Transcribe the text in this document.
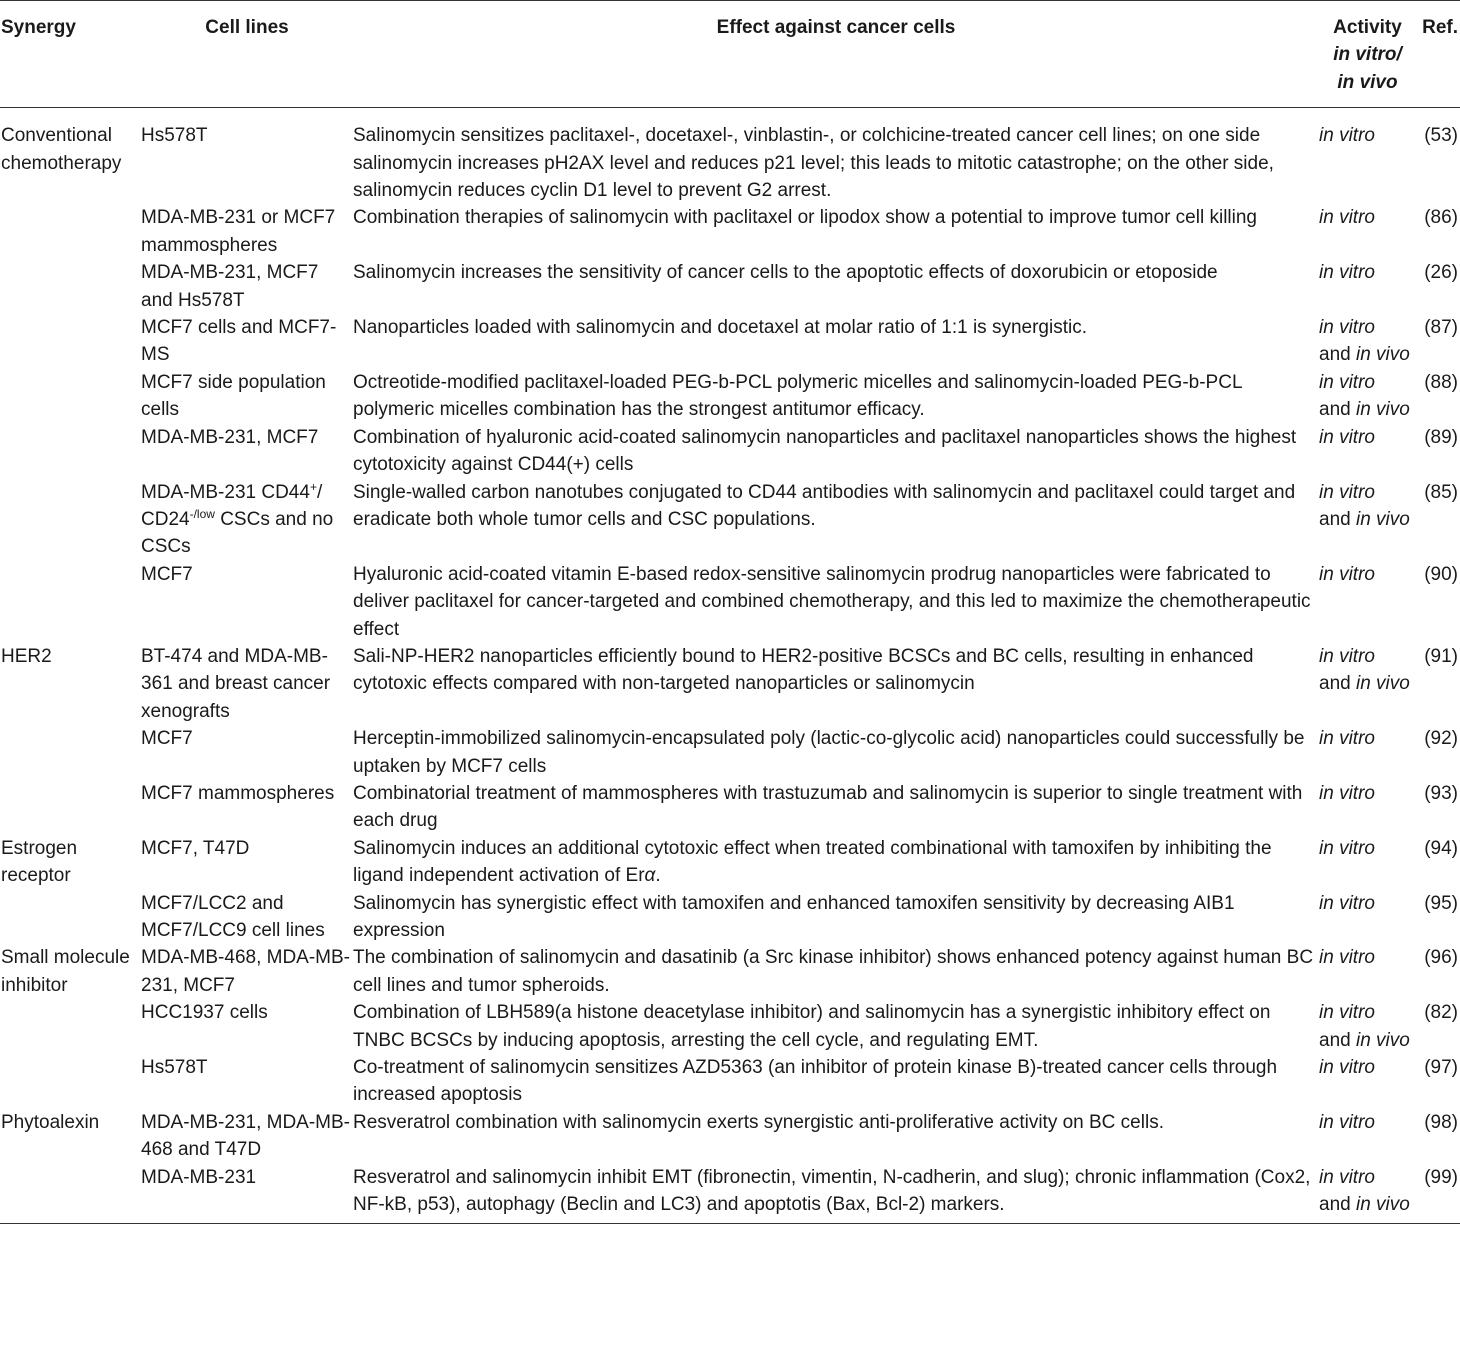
Synergy	Cell lines	Effect against cancer cells	Activity
in vitro/
in vivo	Ref.
Conventional chemotherapy	Hs578T	Salinomycin sensitizes paclitaxel-, docetaxel-, vinblastin-, or colchicine-treated cancer cell lines; on one side salinomycin increases pH2AX level and reduces p21 level; this leads to mitotic catastrophe; on the other side, salinomycin reduces cyclin D1 level to prevent G2 arrest.	in vitro	(53)
	MDA-MB-231 or MCF7 mammospheres	Combination therapies of salinomycin with paclitaxel or lipodox show a potential to improve tumor cell killing	in vitro	(86)
	MDA-MB-231, MCF7 and Hs578T	Salinomycin increases the sensitivity of cancer cells to the apoptotic effects of doxorubicin or etoposide	in vitro	(26)
	MCF7 cells and MCF7-MS	Nanoparticles loaded with salinomycin and docetaxel at molar ratio of 1:1 is synergistic.	in vitro
and in vivo	(87)
	MCF7 side population cells	Octreotide-modified paclitaxel-loaded PEG-b-PCL polymeric micelles and salinomycin-loaded PEG-b-PCL polymeric micelles combination has the strongest antitumor efficacy.	in vitro
and in vivo	(88)
	MDA-MB-231, MCF7	Combination of hyaluronic acid-coated salinomycin nanoparticles and paclitaxel nanoparticles shows the highest cytotoxicity against CD44(+) cells	in vitro	(89)
	MDA-MB-231 CD44+/ $CD24^{-/low}$ CSCs and no CSCs	Single-walled carbon nanotubes conjugated to CD44 antibodies with salinomycin and paclitaxel could target and eradicate both whole tumor cells and CSC populations.	in vitro
and in vivo	(85)
	MCF7	Hyaluronic acid-coated vitamin E-based redox-sensitive salinomycin prodrug nanoparticles were fabricated to deliver paclitaxel for cancer-targeted and combined chemotherapy, and this led to maximize the chemotherapeutic effect	in vitro	(90)
HER2	BT-474 and MDA-MB-361 and breast cancer xenografts	Sali-NP-HER2 nanoparticles efficiently bound to HER2-positive BCSCs and BC cells, resulting in enhanced cytotoxic effects compared with non-targeted nanoparticles or salinomycin	in vitro
and in vivo	(91)
	MCF7	Herceptin-immobilized salinomycin-encapsulated poly (lactic-co-glycolic acid) nanoparticles could successfully be uptaken by MCF7 cells	in vitro	(92)
	MCF7 mammospheres	Combinatorial treatment of mammospheres with trastuzumab and salinomycin is superior to single treatment with each drug	in vitro	(93)
Estrogen receptor	MCF7, T47D	Salinomycin induces an additional cytotoxic effect when treated combinational with tamoxifen by inhibiting the ligand independent activation of Erα.	in vitro	(94)
	MCF7/LCC2 and MCF7/LCC9 cell lines	Salinomycin has synergistic effect with tamoxifen and enhanced tamoxifen sensitivity by decreasing AIB1 expression	in vitro	(95)
Small molecule inhibitor	MDA-MB-468, MDA-MB-231, MCF7	The combination of salinomycin and dasatinib (a Src kinase inhibitor) shows enhanced potency against human BC cell lines and tumor spheroids.	in vitro	(96)
	HCC1937 cells	Combination of LBH589(a histone deacetylase inhibitor) and salinomycin has a synergistic inhibitory effect on TNBC BCSCs by inducing apoptosis, arresting the cell cycle, and regulating EMT.	in vitro
and in vivo	(82)
	Hs578T	Co-treatment of salinomycin sensitizes AZD5363 (an inhibitor of protein kinase B)-treated cancer cells through increased apoptosis	in vitro	(97)
Phytoalexin	MDA-MB-231, MDA-MB-468 and T47D	Resveratrol combination with salinomycin exerts synergistic anti-proliferative activity on BC cells.	in vitro	(98)
	MDA-MB-231	Resveratrol and salinomycin inhibit EMT (fibronectin, vimentin, N-cadherin, and slug); chronic inflammation (Cox2, NF-kB, p53), autophagy (Beclin and LC3) and apoptotis (Bax, Bcl-2) markers.	in vitro
and in vivo	(99)
